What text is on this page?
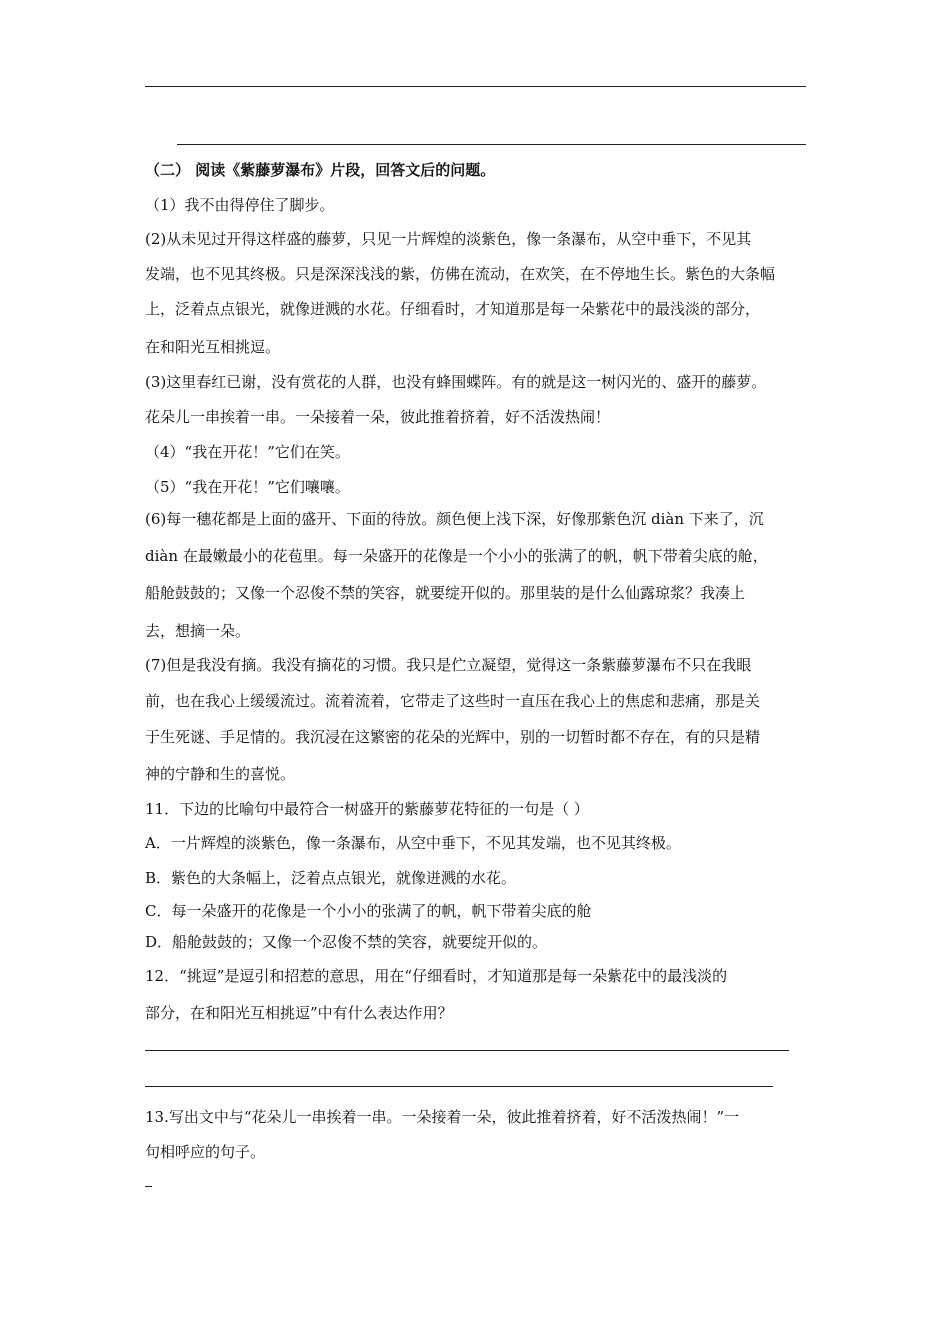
（二） 阅读《紫藤萝瀑布》片段，回答文后的问题。
（1）我不由得停住了脚步。
(2)从未见过开得这样盛的藤萝，只见一片辉煌的淡紫色，像一条瀑布，从空中垂下，不见其
发端，也不见其终极。只是深深浅浅的紫，仿佛在流动，在欢笑，在不停地生长。紫色的大条幅
上，泛着点点银光，就像迸溅的水花。仔细看时，才知道那是每一朵紫花中的最浅淡的部分，
在和阳光互相挑逗。
(3)这里春红已谢，没有赏花的人群，也没有蜂围蝶阵。有的就是这一树闪光的、盛开的藤萝。
花朵儿一串挨着一串。一朵接着一朵，彼此推着挤着，好不活泼热闹！
（4）“我在开花！”它们在笑。
（5）“我在开花！”它们嚷嚷。
(6)每一穗花都是上面的盛开、下面的待放。颜色便上浅下深，好像那紫色沉 diàn 下来了，沉
diàn 在最嫩最小的花苞里。每一朵盛开的花像是一个小小的张满了的帆，帆下带着尖底的舱，
船舱鼓鼓的；又像一个忍俊不禁的笑容，就要绽开似的。那里装的是什么仙露琼浆？我凑上
去，想摘一朵。
(7)但是我没有摘。我没有摘花的习惯。我只是伫立凝望，觉得这一条紫藤萝瀑布不只在我眼
前，也在我心上缓缓流过。流着流着，它带走了这些时一直压在我心上的焦虑和悲痛，那是关
于生死谜、手足情的。我沉浸在这繁密的花朵的光辉中，别的一切暂时都不存在，有的只是精
神的宁静和生的喜悦。
11．下边的比喻句中最符合一树盛开的紫藤萝花特征的一句是（ ）
A．一片辉煌的淡紫色，像一条瀑布，从空中垂下，不见其发端，也不见其终极。
B．紫色的大条幅上，泛着点点银光，就像迸溅的水花。
C．每一朵盛开的花像是一个小小的张满了的帆，帆下带着尖底的舱
D．船舱鼓鼓的；又像一个忍俊不禁的笑容，就要绽开似的。
12．“挑逗”是逗引和招惹的意思，用在“仔细看时，才知道那是每一朵紫花中的最浅淡的
部分，在和阳光互相挑逗”中有什么表达作用？
13.写出文中与“花朵儿一串挨着一串。一朵接着一朵，彼此推着挤着，好不活泼热闹！”一
句相呼应的句子。
